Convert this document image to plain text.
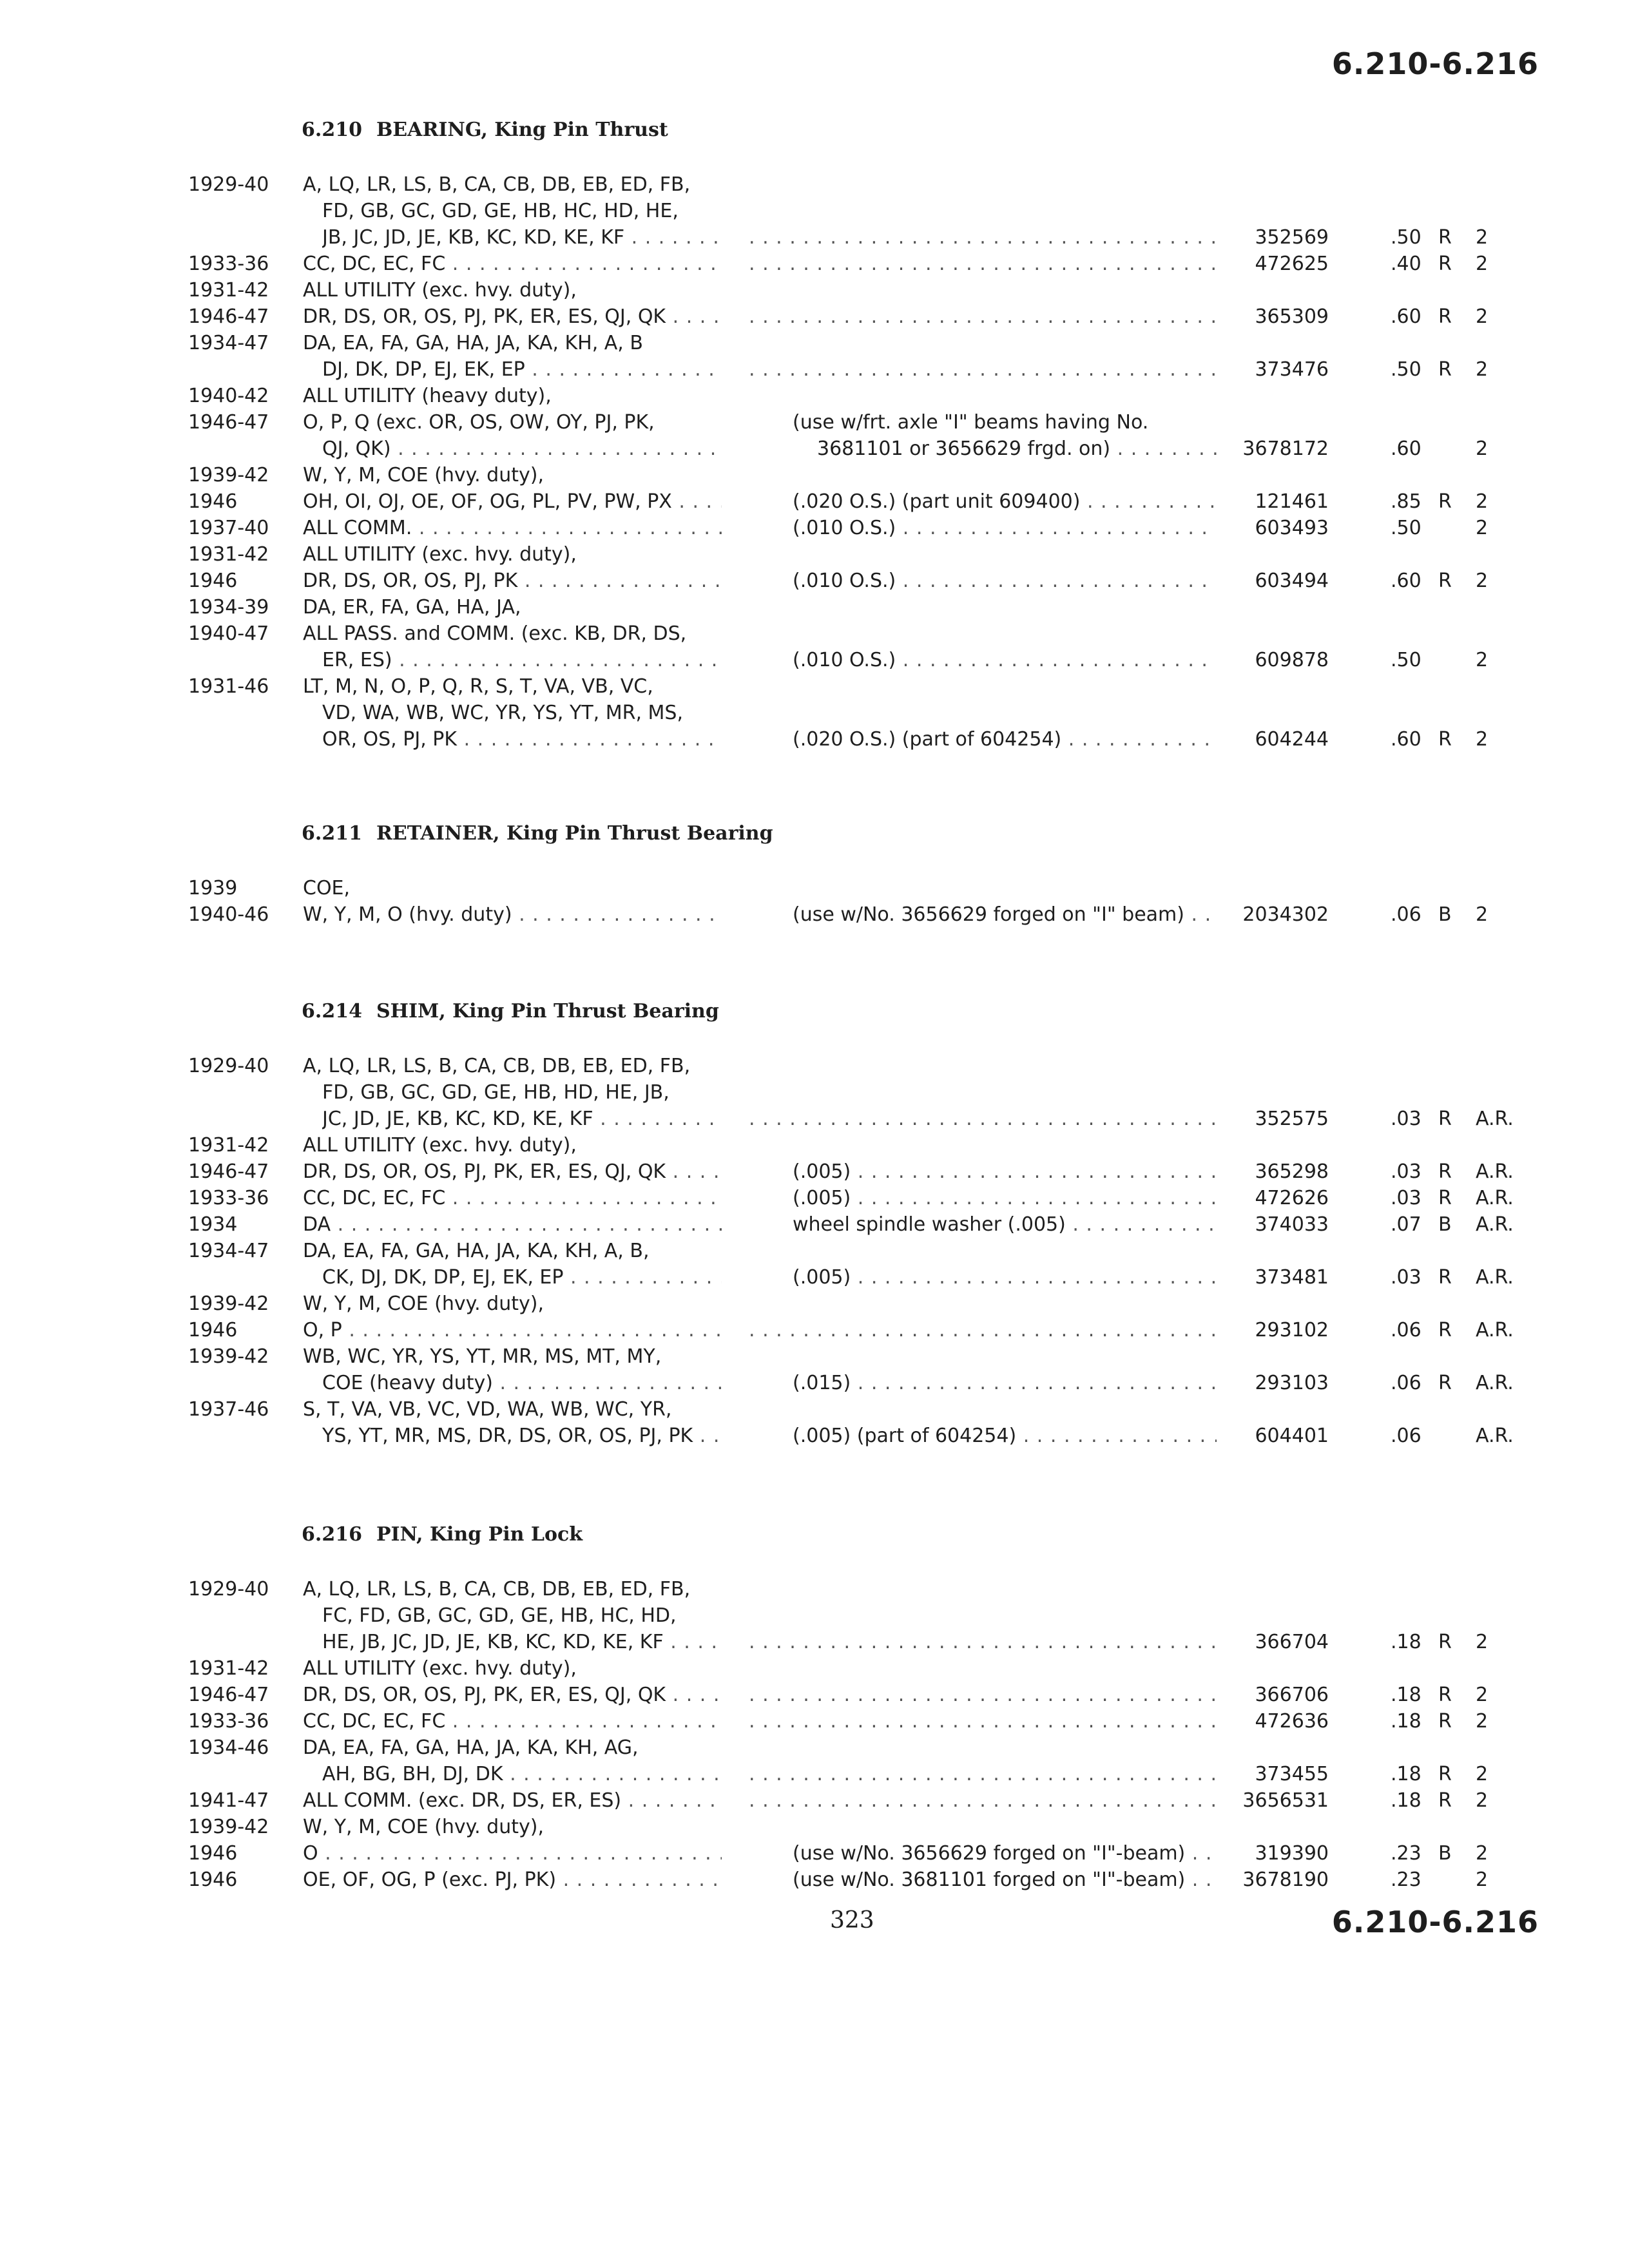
6.210-6.216
6.210 BEARING, King Pin Thrust
1929-40 A, LQ, LR, LS, B, CA, CB, DB, EB, ED, FB,
FD, GB, GC, GD, GE, HB, HC, HD, HE,
JB, JC, JD, JE, KB, KC, KD, KE, KF . . . . . .	352569	.50 R 2
1933-36 CC, DC, EC, FC . . . . . .	472625	.40 R 2
1931-42 ALL UTILITY (exc. hvy. duty),
1946-47 DR, DS, OR, OS, PJ, PK, ER, ES, QJ, QK . . . . . .	365309	.60 R 2
1934-47 DA, EA, FA, GA, HA, JA, KA, KH, A, B
DJ, DK, DP, EJ, EK, EP . . . . . .	373476	.50 R 2
1940-42 ALL UTILITY (heavy duty),
1946-47 O, P, Q (exc. OR, OS, OW, OY, PJ, PK,	(use w/frt. axle "I" beams having No.
QJ, QK) . . .	3681101 or 3656629 frgd. on) . . .	3678172	.60	2
1939-42 W, Y, M, COE (hvy. duty),
1946	OH, OI, OJ, OE, OF, OG, PL, PV, PW, PX . . .	(.020 O.S.) (part unit 609400) . . .	121461	.85 R 2
1937-40 ALL COMM. . . .	(.010 O.S.) . . .	603493	.50	2
1931-42 ALL UTILITY (exc. hvy. duty),
1946	DR, DS, OR, OS, PJ, PK . . .	(.010 O.S.) . . .	603494	.60 R 2
1934-39 DA, ER, FA, GA, HA, JA,
1940-47 ALL PASS. and COMM. (exc. KB, DR, DS,
ER, ES) . . .	(.010 O.S.) . . .	609878	.50	2
1931-46 LT, M, N, O, P, Q, R, S, T, VA, VB, VC,
VD, WA, WB, WC, YR, YS, YT, MR, MS,
OR, OS, PJ, PK . . .	(.020 O.S.) (part of 604254) . . .	604244	.60 R 2
6.211 RETAINER, King Pin Thrust Bearing
1939	COE,
1940-46 W, Y, M, O (hvy. duty) . . .	(use w/No. 3656629 forged on "I" beam) . . .	2034302	.06 B 2
6.214 SHIM, King Pin Thrust Bearing
1929-40 A, LQ, LR, LS, B, CA, CB, DB, EB, ED, FB,
FD, GB, GC, GD, GE, HB, HD, HE, JB,
JC, JD, JE, KB, KC, KD, KE, KF . . . . . .	352575	.03 R A.R.
1931-42 ALL UTILITY (exc. hvy. duty),
1946-47 DR, DS, OR, OS, PJ, PK, ER, ES, QJ, QK . . .	(.005) . . .	365298	.03 R A.R.
1933-36 CC, DC, EC, FC . . .	(.005) . . .	472626	.03 R A.R.
1934	DA . . .	wheel spindle washer (.005) . . .	374033	.07 B A.R.
1934-47 DA, EA, FA, GA, HA, JA, KA, KH, A, B,
CK, DJ, DK, DP, EJ, EK, EP . . .	(.005) . . .	373481	.03 R A.R.
1939-42 W, Y, M, COE (hvy. duty),
1946	O, P . . . . . .	293102	.06 R A.R.
1939-42 WB, WC, YR, YS, YT, MR, MS, MT, MY,
COE (heavy duty) . . .	(.015) . . .	293103	.06 R A.R.
1937-46 S, T, VA, VB, VC, VD, WA, WB, WC, YR,
YS, YT, MR, MS, DR, DS, OR, OS, PJ, PK . . .	(.005) (part of 604254) . . .	604401	.06	A.R.
6.216 PIN, King Pin Lock
1929-40 A, LQ, LR, LS, B, CA, CB, DB, EB, ED, FB,
FC, FD, GB, GC, GD, GE, HB, HC, HD,
HE, JB, JC, JD, JE, KB, KC, KD, KE, KF . . . . . .	366704	.18 R 2
1931-42 ALL UTILITY (exc. hvy. duty),
1946-47 DR, DS, OR, OS, PJ, PK, ER, ES, QJ, QK . . . . . .	366706	.18 R 2
1933-36 CC, DC, EC, FC . . . . . .	472636	.18 R 2
1934-46 DA, EA, FA, GA, HA, JA, KA, KH, AG,
AH, BG, BH, DJ, DK . . . . . .	373455	.18 R 2
1941-47 ALL COMM. (exc. DR, DS, ER, ES) . . . . . .	3656531	.18 R 2
1939-42 W, Y, M, COE (hvy. duty),
1946	O . . .	(use w/No. 3656629 forged on "I"-beam) . . .	319390	.23 B 2
1946	OE, OF, OG, P (exc. PJ, PK) . . .	(use w/No. 3681101 forged on "I"-beam) . . .	3678190	.23	2
323	6.210-6.216
